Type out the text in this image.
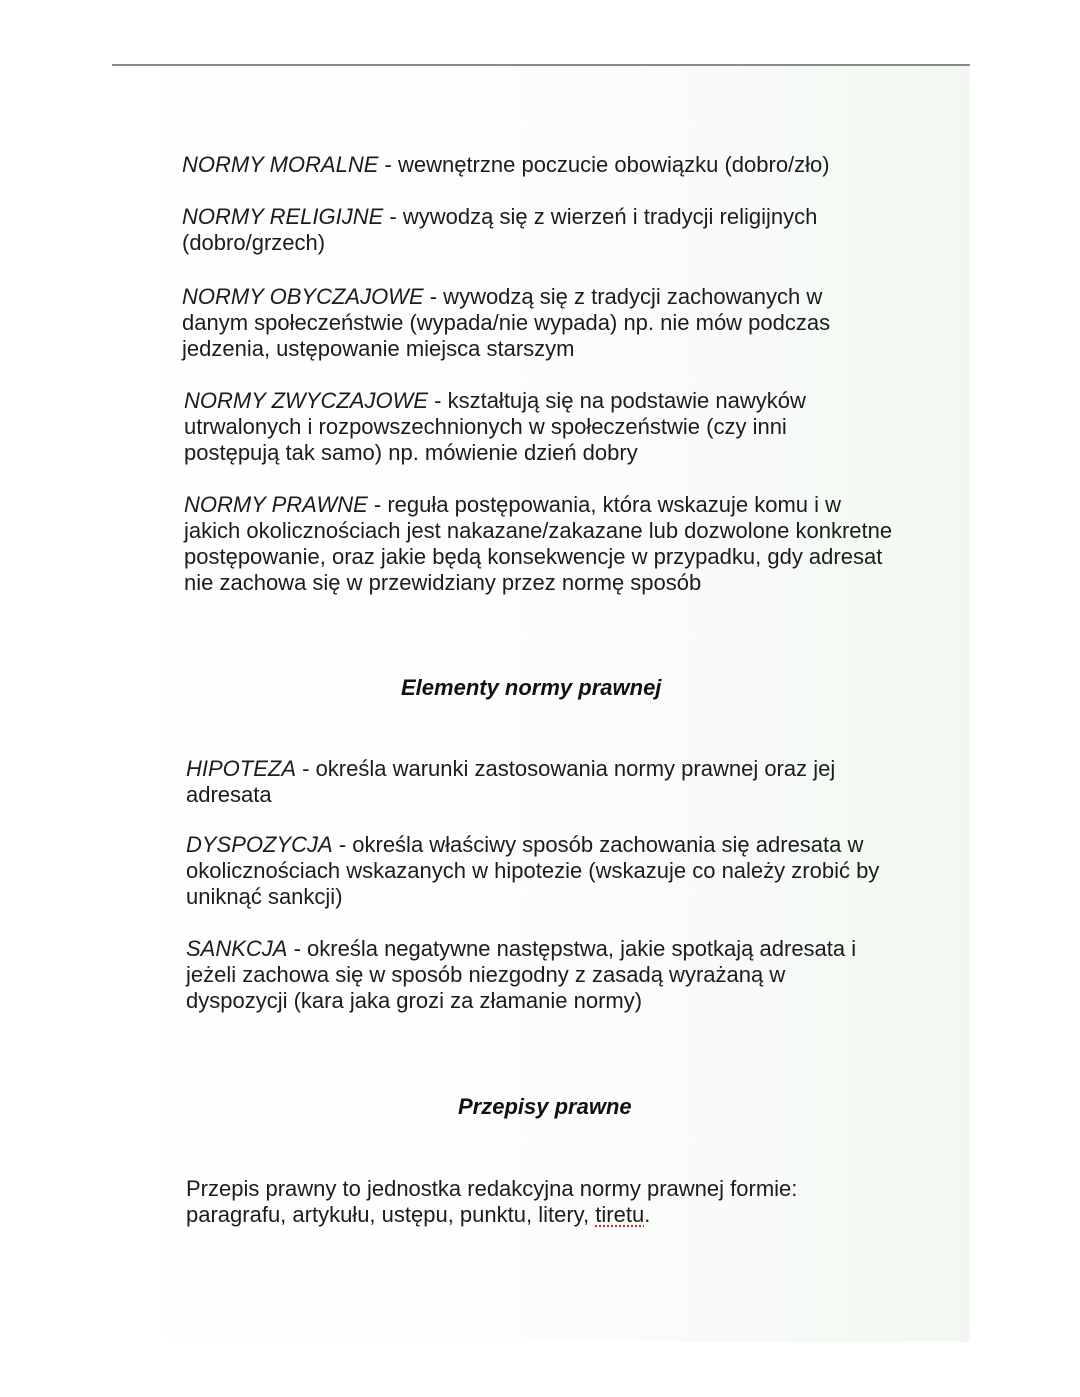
NORMY MORALNE - wewnętrzne poczucie obowiązku (dobro/zło)

NORMY RELIGIJNE - wywodzą się z wierzeń i tradycji religijnych (dobro/grzech)

NORMY OBYCZAJOWE - wywodzą się z tradycji zachowanych w danym społeczeństwie (wypada/nie wypada) np. nie mów podczas jedzenia, ustępowanie miejsca starszym

NORMY ZWYCZAJOWE - kształtują się na podstawie nawyków utrwalonych i rozpowszechnionych w społeczeństwie (czy inni postępują tak samo) np. mówienie dzień dobry

NORMY PRAWNE - reguła postępowania, która wskazuje komu i w jakich okolicznościach jest nakazane/zakazane lub dozwolone konkretne postępowanie, oraz jakie będą konsekwencje w przypadku, gdy adresat nie zachowa się w przewidziany przez normę sposób

Elementy normy prawnej

HIPOTEZA - określa warunki zastosowania normy prawnej oraz jej adresata

DYSPOZYCJA - określa właściwy sposób zachowania się adresata w okolicznościach wskazanych w hipotezie (wskazuje co należy zrobić by uniknąć sankcji)

SANKCJA - określa negatywne następstwa, jakie spotkają adresata i jeżeli zachowa się w sposób niezgodny z zasadą wyrażaną w dyspozycji (kara jaka grozi za złamanie normy)

Przepisy prawne

Przepis prawny to jednostka redakcyjna normy prawnej formie: paragrafu, artykułu, ustępu, punktu, litery, tiretu.
